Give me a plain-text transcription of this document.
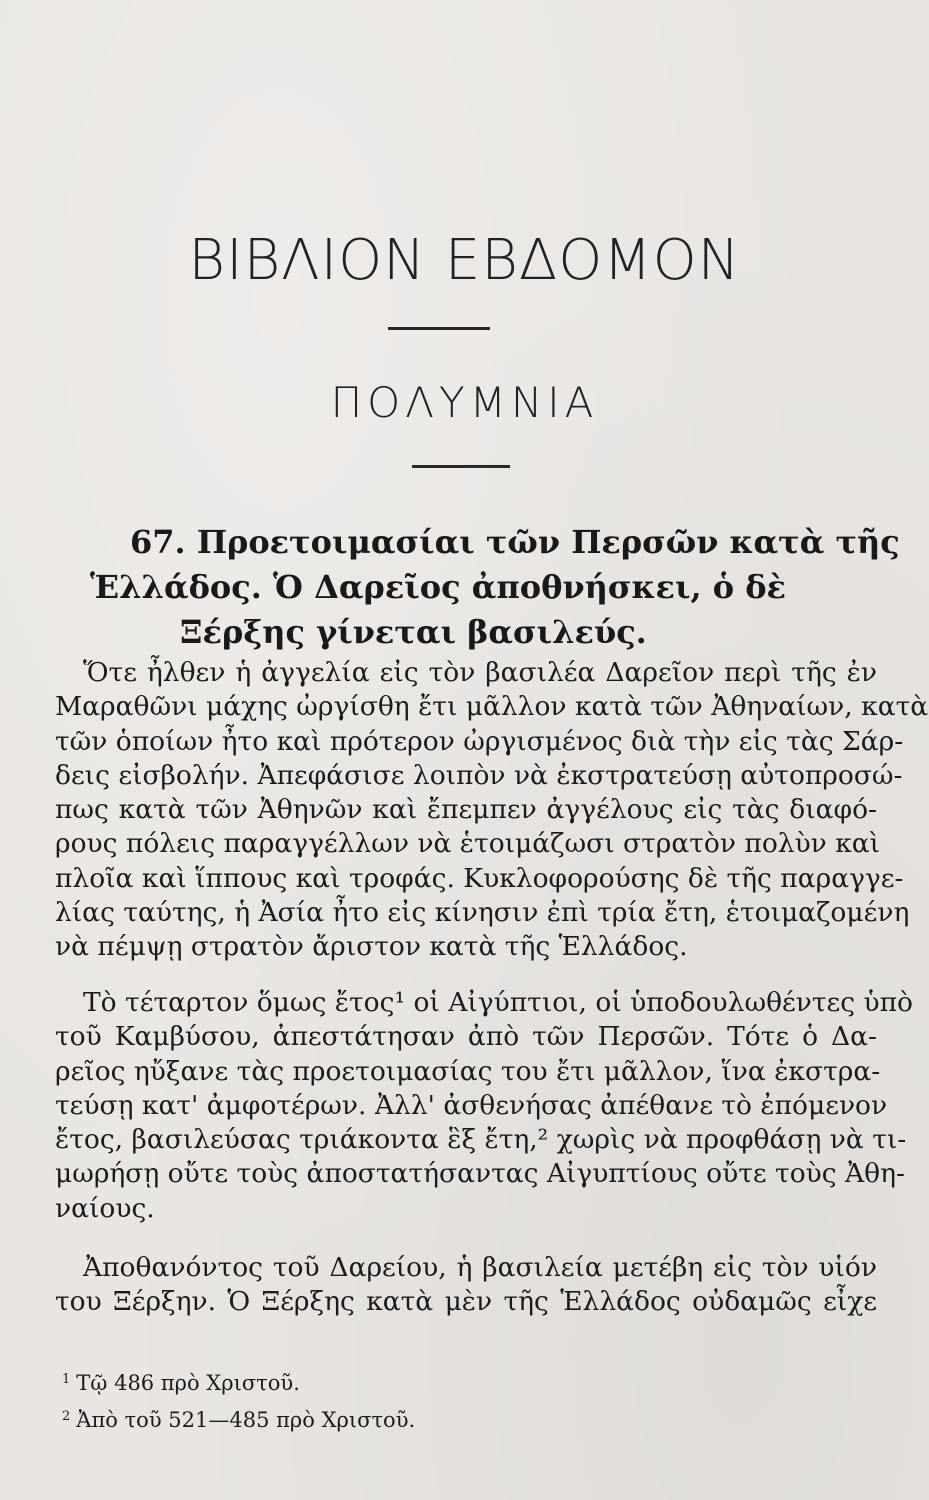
ΒΙΒΛΙΟΝ ΕΒΔΟΜΟΝ
ΠΟΛΥΜΝΙΑ
67. Προετοιμασίαι τῶν Περσῶν κατὰ τῆς
Ἑλλάδος. Ὁ Δαρεῖος ἀποθνήσκει, ὁ δὲ
Ξέρξης γίνεται βασιλεύς.
Ὅτε ἦλθεν ἡ ἀγγελία εἰς τὸν βασιλέα Δαρεῖον περὶ τῆς ἐν
Μαραθῶνι μάχης ὠργίσθη ἔτι μᾶλλον κατὰ τῶν Ἀθηναίων, κατὰ
τῶν ὁποίων ἦτο καὶ πρότερον ὠργισμένος διὰ τὴν εἰς τὰς Σάρ-
δεις εἰσβολήν. Ἀπεφάσισε λοιπὸν νὰ ἐκστρατεύσῃ αὐτοπροσώ-
πως κατὰ τῶν Ἀθηνῶν καὶ ἔπεμπεν ἀγγέλους εἰς τὰς διαφό-
ρους πόλεις παραγγέλλων νὰ ἑτοιμάζωσι στρατὸν πολὺν καὶ
πλοῖα καὶ ἵππους καὶ τροφάς. Κυκλοφορούσης δὲ τῆς παραγγε-
λίας ταύτης, ἡ Ἀσία ἦτο εἰς κίνησιν ἐπὶ τρία ἔτη, ἑτοιμαζομένη
νὰ πέμψῃ στρατὸν ἄριστον κατὰ τῆς Ἑλλάδος.
Τὸ τέταρτον ὅμως ἔτος¹ οἱ Αἰγύπτιοι, οἱ ὑποδουλωθέντες ὑπὸ
τοῦ Καμβύσου, ἀπεστάτησαν ἀπὸ τῶν Περσῶν. Τότε ὁ Δα-
ρεῖος ηὔξανε τὰς προετοιμασίας του ἔτι μᾶλλον, ἵνα ἐκστρα-
τεύσῃ κατ' ἀμφοτέρων. Ἀλλ' ἀσθενήσας ἀπέθανε τὸ ἐπόμενον
ἔτος, βασιλεύσας τριάκοντα ἓξ ἔτη,² χωρὶς νὰ προφθάσῃ νὰ τι-
μωρήσῃ οὔτε τοὺς ἀποστατήσαντας Αἰγυπτίους οὔτε τοὺς Ἀθη-
ναίους.
Ἀποθανόντος τοῦ Δαρείου, ἡ βασιλεία μετέβη εἰς τὸν υἱόν
του Ξέρξην. Ὁ Ξέρξης κατὰ μὲν τῆς Ἑλλάδος οὐδαμῶς εἶχε
$^1$ Τῷ 486 πρὸ Χριστοῦ.
$^2$ Ἀπὸ τοῦ 521—485 πρὸ Χριστοῦ.
